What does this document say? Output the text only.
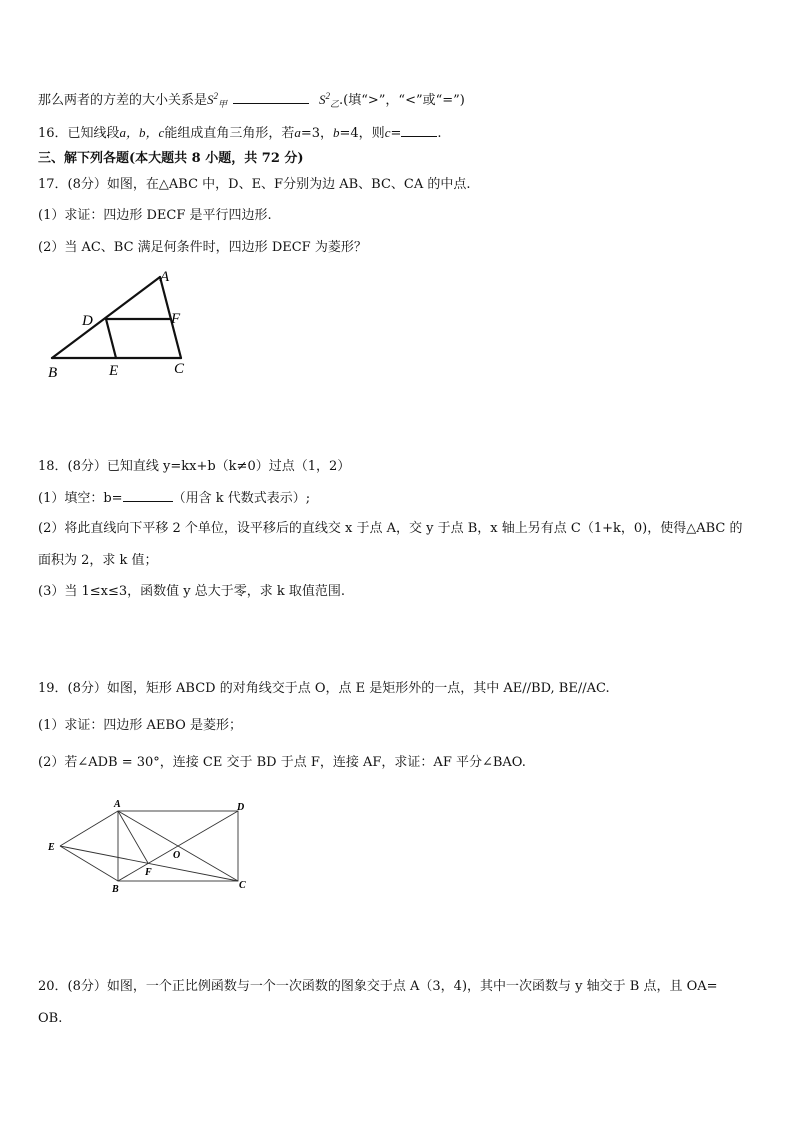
那么两者的方差的大小关系是$S^2_甲$	$S^2_乙$.(填“>”，“<”或“=”)
16．已知线段a，b，c能组成直角三角形，若a=3，b=4，则c=	.
三、解下列各题(本大题共 8 小题，共 72 分)
17．(8分）如图，在△ABC 中，D、E、F分别为边 AB、BC、CA 的中点.
(1）求证：四边形 DECF 是平行四边形.
(2）当 AC、BC 满足何条件时，四边形 DECF 为菱形？
A
D	F
B	E	C
18．(8分）已知直线 y=kx+b（k≠0）过点（1，2）
(1）填空：b=	（用含 k 代数式表示）;
(2）将此直线向下平移 2 个单位，设平移后的直线交 x 于点 A，交 y 于点 B，x 轴上另有点 C（1+k，0)，使得△ABC 的
面积为 2，求 k 值；
(3）当 1≤x≤3，函数值 y 总大于零，求 k 取值范围.
19．(8分）如图，矩形 ABCD 的对角线交于点 O，点 E 是矩形外的一点，其中 AE//BD, BE//AC.
(1）求证：四边形 AEBO 是菱形；
(2）若∠ADB = 30°，连接 CE 交于 BD 于点 F，连接 AF，求证：AF 平分∠BAO.
A	D
E
O
F
B	C
20．(8分）如图，一个正比例函数与一个一次函数的图象交于点 A（3，4)，其中一次函数与 y 轴交于 B 点，且 OA=
OB.
